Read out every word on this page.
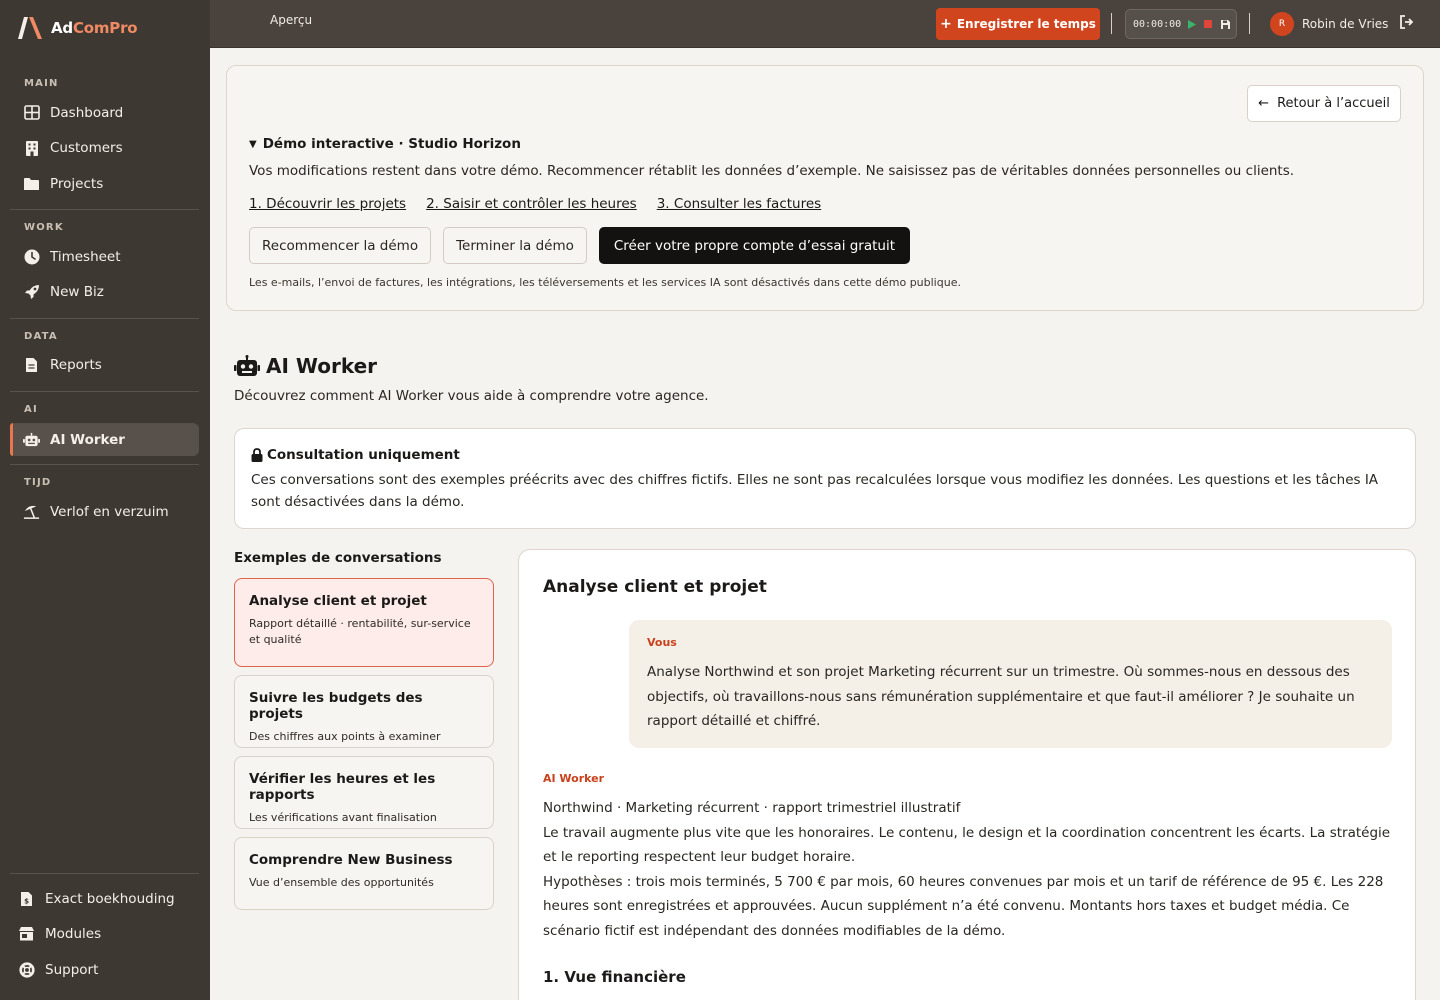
AdComPro
MAIN
Dashboard
Customers
Projects
WORK
Timesheet
New Biz
DATA
Reports
AI
AI Worker
TIJD
Verlof en verzuim
$ Exact boekhouding
Modules
Support
Aperçu	+ Enregistrer le temps	00:00:00	R	Robin de Vries
← Retour à l’accueil
▼ Démo interactive · Studio Horizon
Vos modifications restent dans votre démo. Recommencer rétablit les données d’exemple. Ne saisissez pas de véritables données personnelles ou clients.
1. Découvrir les projets 2. Saisir et contrôler les heures 3. Consulter les factures
Recommencer la démo	Terminer la démo	Créer votre propre compte d’essai gratuit
Les e-mails, l’envoi de factures, les intégrations, les téléversements et les services IA sont désactivés dans cette démo publique.
AI Worker
Découvrez comment AI Worker vous aide à comprendre votre agence.
Consultation uniquement
Ces conversations sont des exemples préécrits avec des chiffres fictifs. Elles ne sont pas recalculées lorsque vous modifiez les données. Les questions et les tâches IA sont désactivées dans la démo.
Exemples de conversations
Analyse client et projet
Rapport détaillé · rentabilité, sur-service et qualité
Suivre les budgets des projets
Des chiffres aux points à examiner
Vérifier les heures et les rapports
Les vérifications avant finalisation
Comprendre New Business
Vue d’ensemble des opportunités
Analyse client et projet
Vous
Analyse Northwind et son projet Marketing récurrent sur un trimestre. Où sommes-nous en dessous des objectifs, où travaillons-nous sans rémunération supplémentaire et que faut-il améliorer ? Je souhaite un rapport détaillé et chiffré.
AI Worker
Northwind · Marketing récurrent · rapport trimestriel illustratif
Le travail augmente plus vite que les honoraires. Le contenu, le design et la coordination concentrent les écarts. La stratégie et le reporting respectent leur budget horaire.
Hypothèses : trois mois terminés, 5 700 € par mois, 60 heures convenues par mois et un tarif de référence de 95 €. Les 228 heures sont enregistrées et approuvées. Aucun supplément n’a été convenu. Montants hors taxes et budget média. Ce scénario fictif est indépendant des données modifiables de la démo.
1. Vue financière
